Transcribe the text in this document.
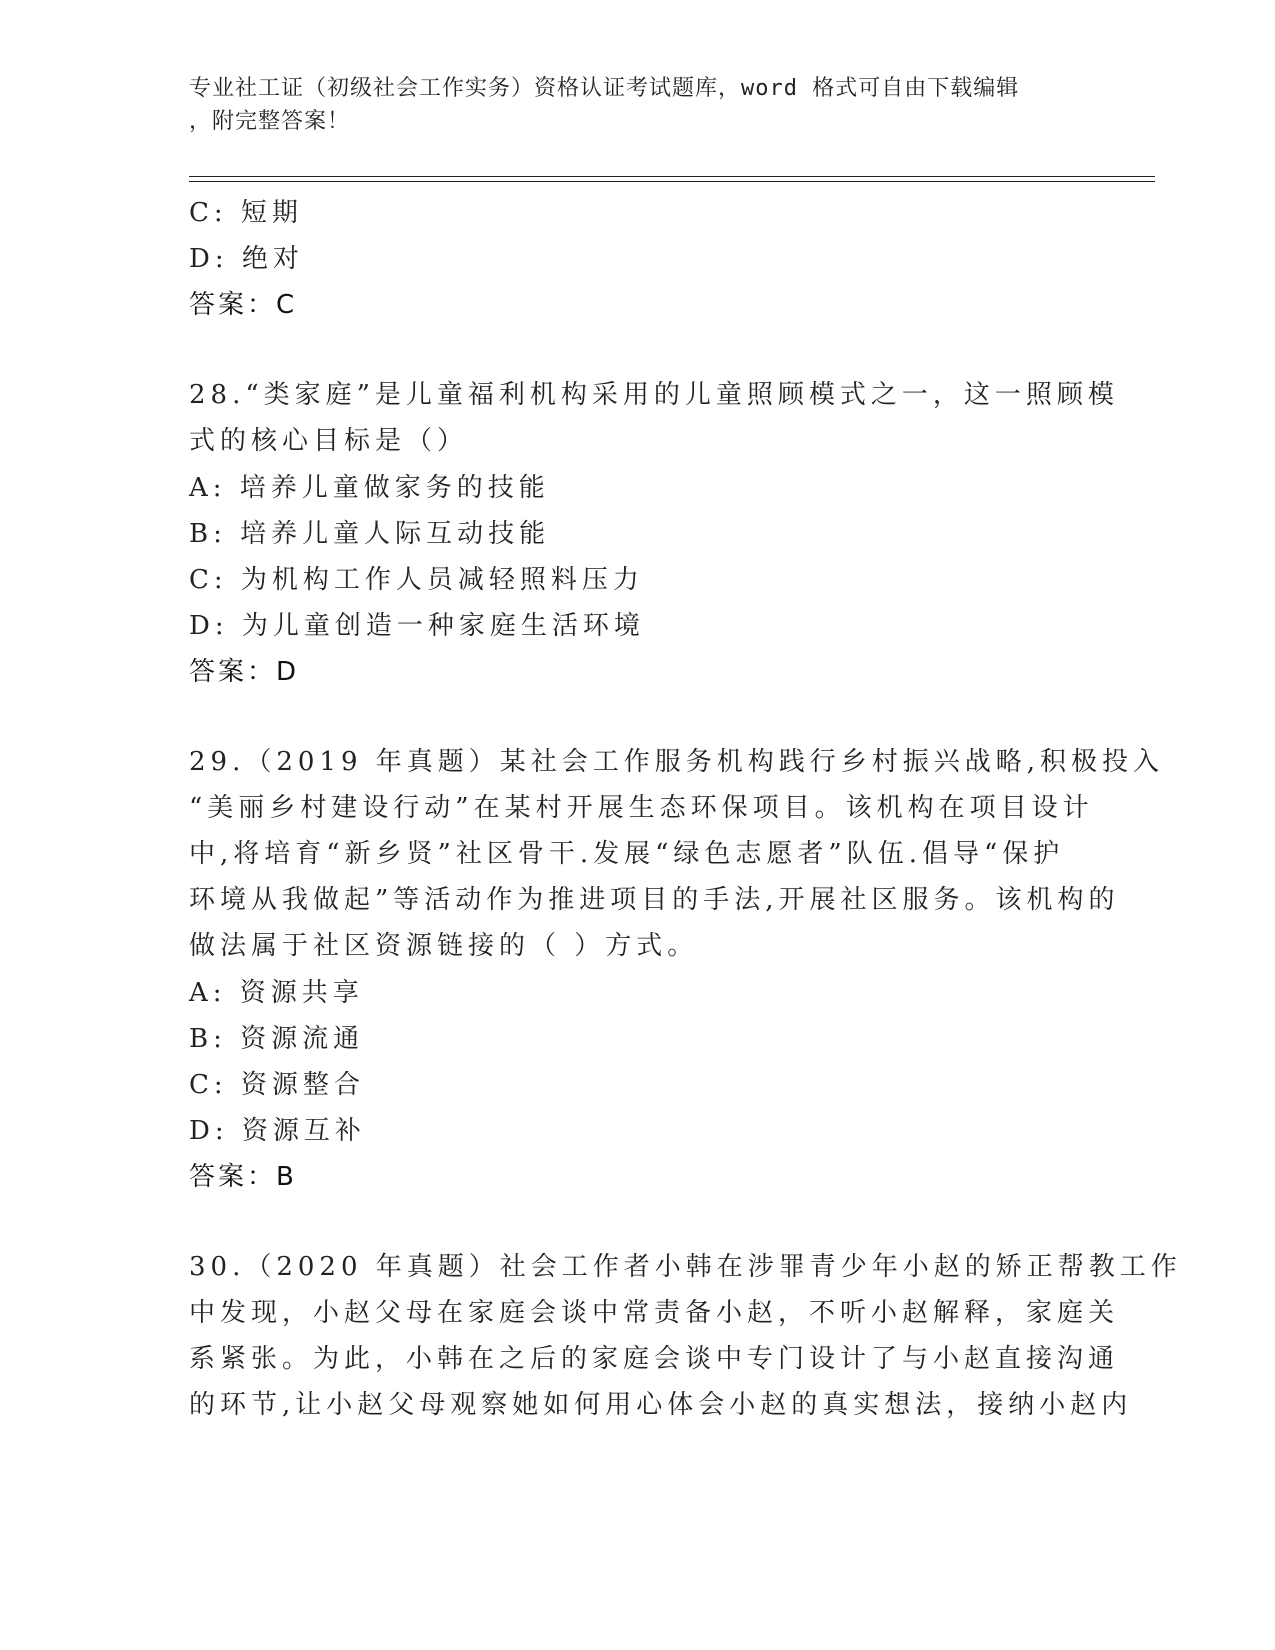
专业社工证（初级社会工作实务）资格认证考试题库，word 格式可自由下载编辑
，附完整答案！
C: 短期
D: 绝对
答案：C
28.“类家庭”是儿童福利机构采用的儿童照顾模式之一，这一照顾模
式的核心目标是（）
A: 培养儿童做家务的技能
B: 培养儿童人际互动技能
C: 为机构工作人员减轻照料压力
D: 为儿童创造一种家庭生活环境
答案：D
29.（2019 年真题）某社会工作服务机构践行乡村振兴战略,积极投入
“美丽乡村建设行动”在某村开展生态环保项目。该机构在项目设计
中,将培育“新乡贤”社区骨干.发展“绿色志愿者”队伍.倡导“保护
环境从我做起”等活动作为推进项目的手法,开展社区服务。该机构的
做法属于社区资源链接的（ ）方式。
A: 资源共享
B: 资源流通
C: 资源整合
D: 资源互补
答案：B
30.（2020 年真题）社会工作者小韩在涉罪青少年小赵的矫正帮教工作
中发现，小赵父母在家庭会谈中常责备小赵，不听小赵解释，家庭关
系紧张。为此，小韩在之后的家庭会谈中专门设计了与小赵直接沟通
的环节,让小赵父母观察她如何用心体会小赵的真实想法，接纳小赵内
